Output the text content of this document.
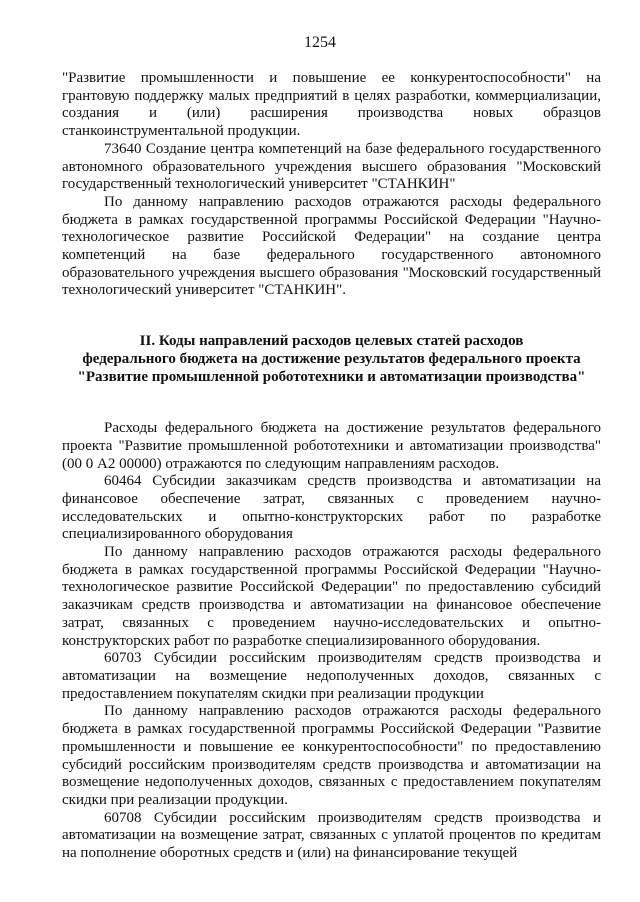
1254

"Развитие промышленности и повышение ее конкурентоспособности" на грантовую поддержку малых предприятий в целях разработки, коммерциализации, создания и (или) расширения производства новых образцов станкоинструментальной продукции.

73640 Создание центра компетенций на базе федерального государственного автономного образовательного учреждения высшего образования "Московский государственный технологический университет "СТАНКИН"

По данному направлению расходов отражаются расходы федерального бюджета в рамках государственной программы Российской Федерации "Научно-технологическое развитие Российской Федерации" на создание центра компетенций на базе федерального государственного автономного образовательного учреждения высшего образования "Московский государственный технологический университет "СТАНКИН".

II. Коды направлений расходов целевых статей расходов
федерального бюджета на достижение результатов федерального проекта
"Развитие промышленной робототехники и автоматизации производства"

Расходы федерального бюджета на достижение результатов федерального проекта "Развитие промышленной робототехники и автоматизации производства" (00 0 А2 00000) отражаются по следующим направлениям расходов.

60464 Субсидии заказчикам средств производства и автоматизации на финансовое обеспечение затрат, связанных с проведением научно-исследовательских и опытно-конструкторских работ по разработке специализированного оборудования

По данному направлению расходов отражаются расходы федерального бюджета в рамках государственной программы Российской Федерации "Научно-технологическое развитие Российской Федерации" по предоставлению субсидий заказчикам средств производства и автоматизации на финансовое обеспечение затрат, связанных с проведением научно-исследовательских и опытно-конструкторских работ по разработке специализированного оборудования.

60703 Субсидии российским производителям средств производства и автоматизации на возмещение недополученных доходов, связанных с предоставлением покупателям скидки при реализации продукции

По данному направлению расходов отражаются расходы федерального бюджета в рамках государственной программы Российской Федерации "Развитие промышленности и повышение ее конкурентоспособности" по предоставлению субсидий российским производителям средств производства и автоматизации на возмещение недополученных доходов, связанных с предоставлением покупателям скидки при реализации продукции.

60708 Субсидии российским производителям средств производства и автоматизации на возмещение затрат, связанных с уплатой процентов по кредитам на пополнение оборотных средств и (или) на финансирование текущей
